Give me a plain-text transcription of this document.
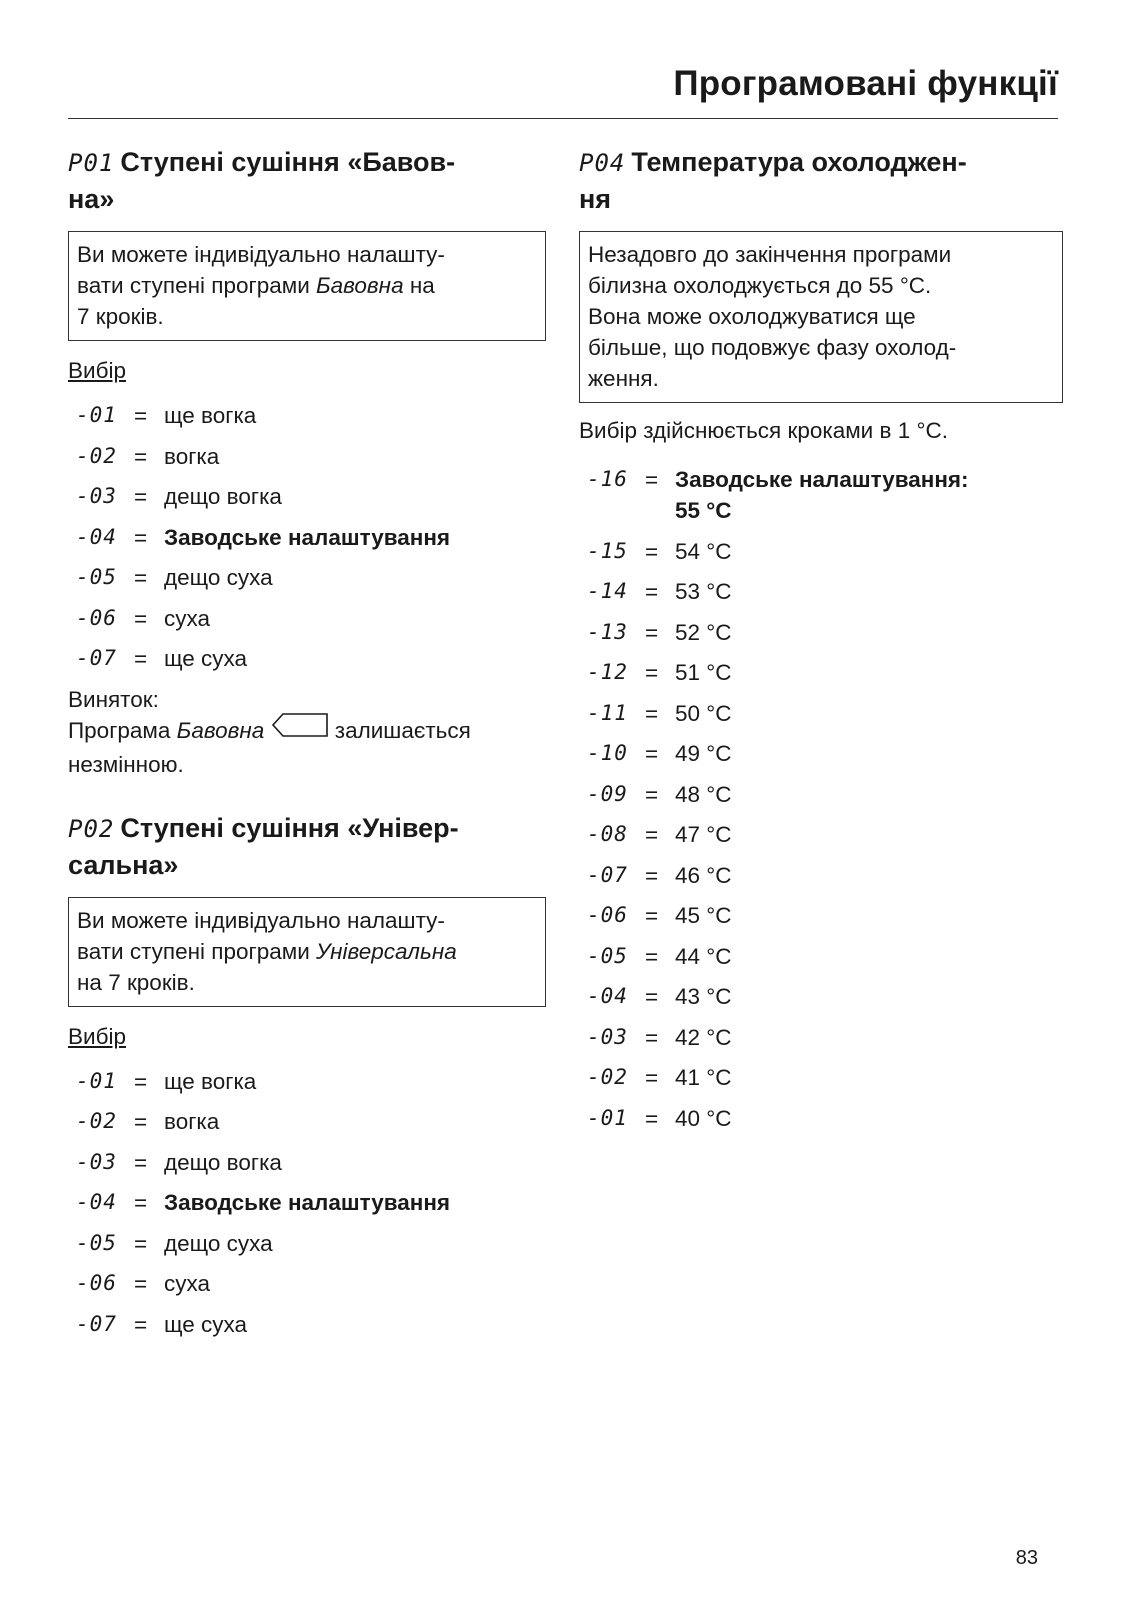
Програмовані функції
P01 Ступені сушіння «Бавов-
на»
Ви можете індивідуально налашту-
вати ступені програми Бавовна на
7 кроків.
Вибір
-01 = ще вогка
-02 = вогка
-03 = дещо вогка
-04 = Заводське налаштування
-05 = дещо суха
-06 = суха
-07 = ще суха
Виняток:
Програма Бавовна	залишається
незмінною.
P02 Ступені сушіння «Універ-
сальна»
Ви можете індивідуально налашту-
вати ступені програми Універсальна
на 7 кроків.
Вибір
-01 = ще вогка
-02 = вогка
-03 = дещо вогка
-04 = Заводське налаштування
-05 = дещо суха
-06 = суха
-07 = ще суха
P04 Температура охолоджен-
ня
Незадовго до закінчення програми
білизна охолоджується до 55 °C.
Вона може охолоджуватися ще
більше, що подовжує фазу охолод-
ження.
Вибір здійснюється кроками в 1 °C.
-16 = Заводське налаштування:
55 °C
-15 = 54 °C
-14 = 53 °C
-13 = 52 °C
-12 = 51 °C
-11 = 50 °C
-10 = 49 °C
-09 = 48 °C
-08 = 47 °C
-07 = 46 °C
-06 = 45 °C
-05 = 44 °C
-04 = 43 °C
-03 = 42 °C
-02 = 41 °C
-01 = 40 °C
83
